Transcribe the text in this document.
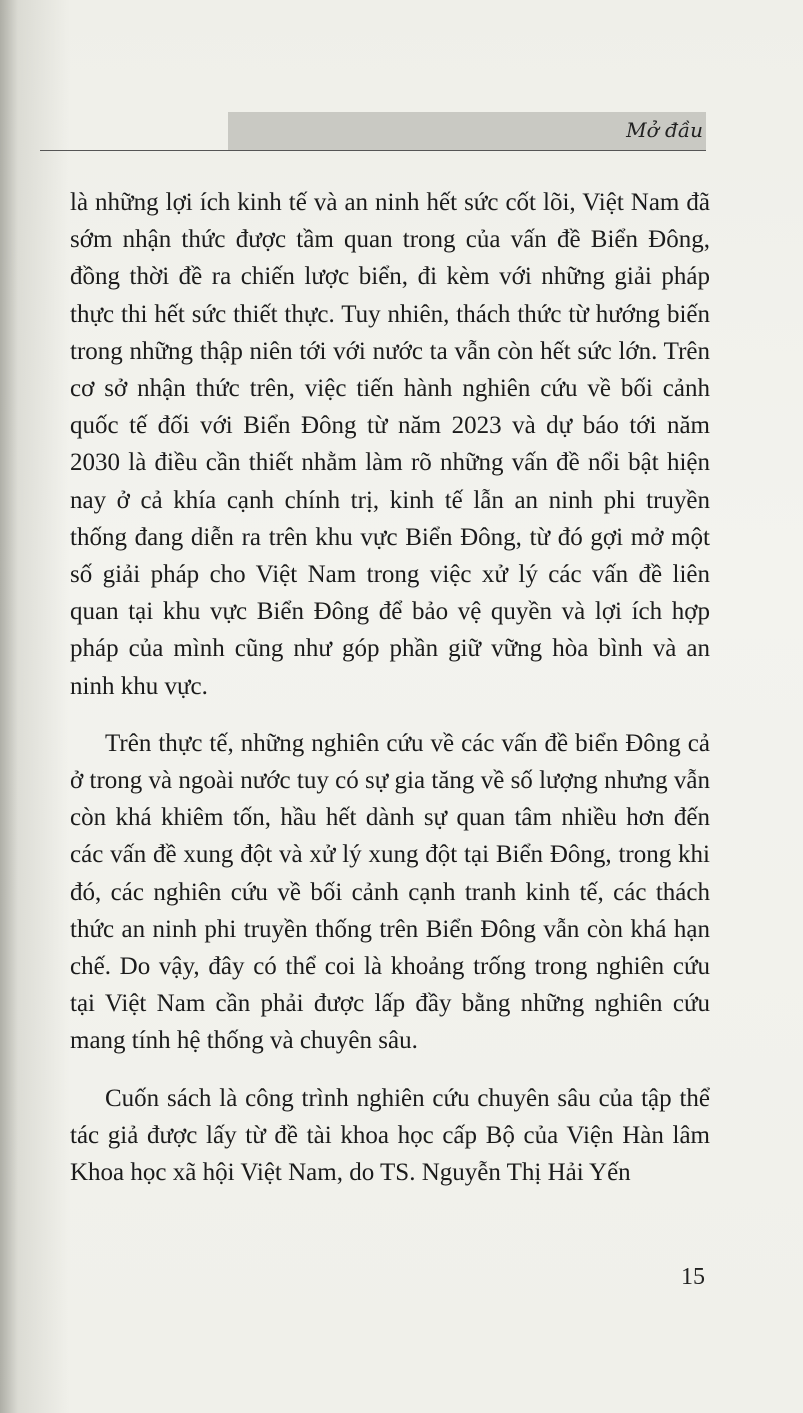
Mở đầu

là những lợi ích kinh tế và an ninh hết sức cốt lõi, Việt Nam đã sớm nhận thức được tầm quan trong của vấn đề Biển Đông, đồng thời đề ra chiến lược biển, đi kèm với những giải pháp thực thi hết sức thiết thực. Tuy nhiên, thách thức từ hướng biến trong những thập niên tới với nước ta vẫn còn hết sức lớn. Trên cơ sở nhận thức trên, việc tiến hành nghiên cứu về bối cảnh quốc tế đối với Biển Đông từ năm 2023 và dự báo tới năm 2030 là điều cần thiết nhằm làm rõ những vấn đề nổi bật hiện nay ở cả khía cạnh chính trị, kinh tế lẫn an ninh phi truyền thống đang diễn ra trên khu vực Biển Đông, từ đó gợi mở một số giải pháp cho Việt Nam trong việc xử lý các vấn đề liên quan tại khu vực Biển Đông để bảo vệ quyền và lợi ích hợp pháp của mình cũng như góp phần giữ vững hòa bình và an ninh khu vực.

Trên thực tế, những nghiên cứu về các vấn đề biển Đông cả ở trong và ngoài nước tuy có sự gia tăng về số lượng nhưng vẫn còn khá khiêm tốn, hầu hết dành sự quan tâm nhiều hơn đến các vấn đề xung đột và xử lý xung đột tại Biển Đông, trong khi đó, các nghiên cứu về bối cảnh cạnh tranh kinh tế, các thách thức an ninh phi truyền thống trên Biển Đông vẫn còn khá hạn chế. Do vậy, đây có thể coi là khoảng trống trong nghiên cứu tại Việt Nam cần phải được lấp đầy bằng những nghiên cứu mang tính hệ thống và chuyên sâu.

Cuốn sách là công trình nghiên cứu chuyên sâu của tập thể tác giả được lấy từ đề tài khoa học cấp Bộ của Viện Hàn lâm Khoa học xã hội Việt Nam, do TS. Nguyễn Thị Hải Yến

15
